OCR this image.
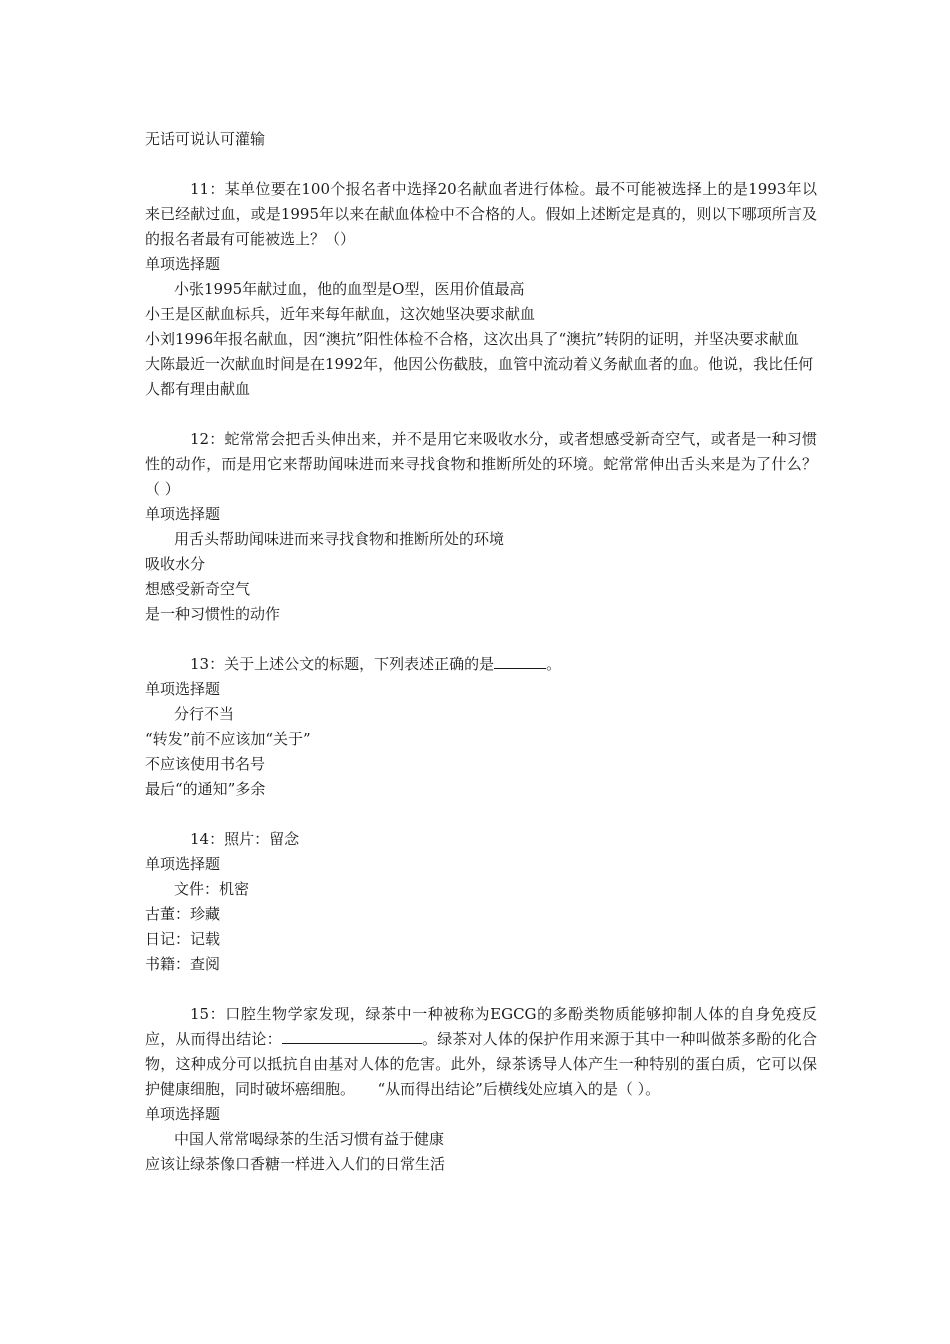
无话可说认可灌输

11：某单位要在100个报名者中选择20名献血者进行体检。最不可能被选择上的是1993年以来已经献过血，或是1995年以来在献血体检中不合格的人。假如上述断定是真的，则以下哪项所言及的报名者最有可能被选上？（）

单项选择题

小张1995年献过血，他的血型是O型，医用价值最高

小王是区献血标兵，近年来每年献血，这次她坚决要求献血

小刘1996年报名献血，因“澳抗”阳性体检不合格，这次出具了“澳抗”转阴的证明，并坚决要求献血

大陈最近一次献血时间是在1992年，他因公伤截肢，血管中流动着义务献血者的血。他说，我比任何人都有理由献血

12：蛇常常会把舌头伸出来，并不是用它来吸收水分，或者想感受新奇空气，或者是一种习惯性的动作，而是用它来帮助闻味进而来寻找食物和推断所处的环境。蛇常常伸出舌头来是为了什么？（ ）

单项选择题

用舌头帮助闻味进而来寻找食物和推断所处的环境

吸收水分

想感受新奇空气

是一种习惯性的动作

13：关于上述公文的标题，下列表述正确的是	。

单项选择题

分行不当

“转发”前不应该加“关于”

不应该使用书名号

最后“的通知”多余

14：照片：留念

单项选择题

文件：机密

古董：珍藏

日记：记载

书籍：查阅

15：口腔生物学家发现，绿茶中一种被称为EGCG的多酚类物质能够抑制人体的自身免疫反应，从而得出结论：	。绿茶对人体的保护作用来源于其中一种叫做茶多酚的化合物，这种成分可以抵抗自由基对人体的危害。此外，绿茶诱导人体产生一种特别的蛋白质，它可以保护健康细胞，同时破坏癌细胞。　　“从而得出结论”后横线处应填入的是（ ）。

单项选择题

中国人常常喝绿茶的生活习惯有益于健康

应该让绿茶像口香糖一样进入人们的日常生活
